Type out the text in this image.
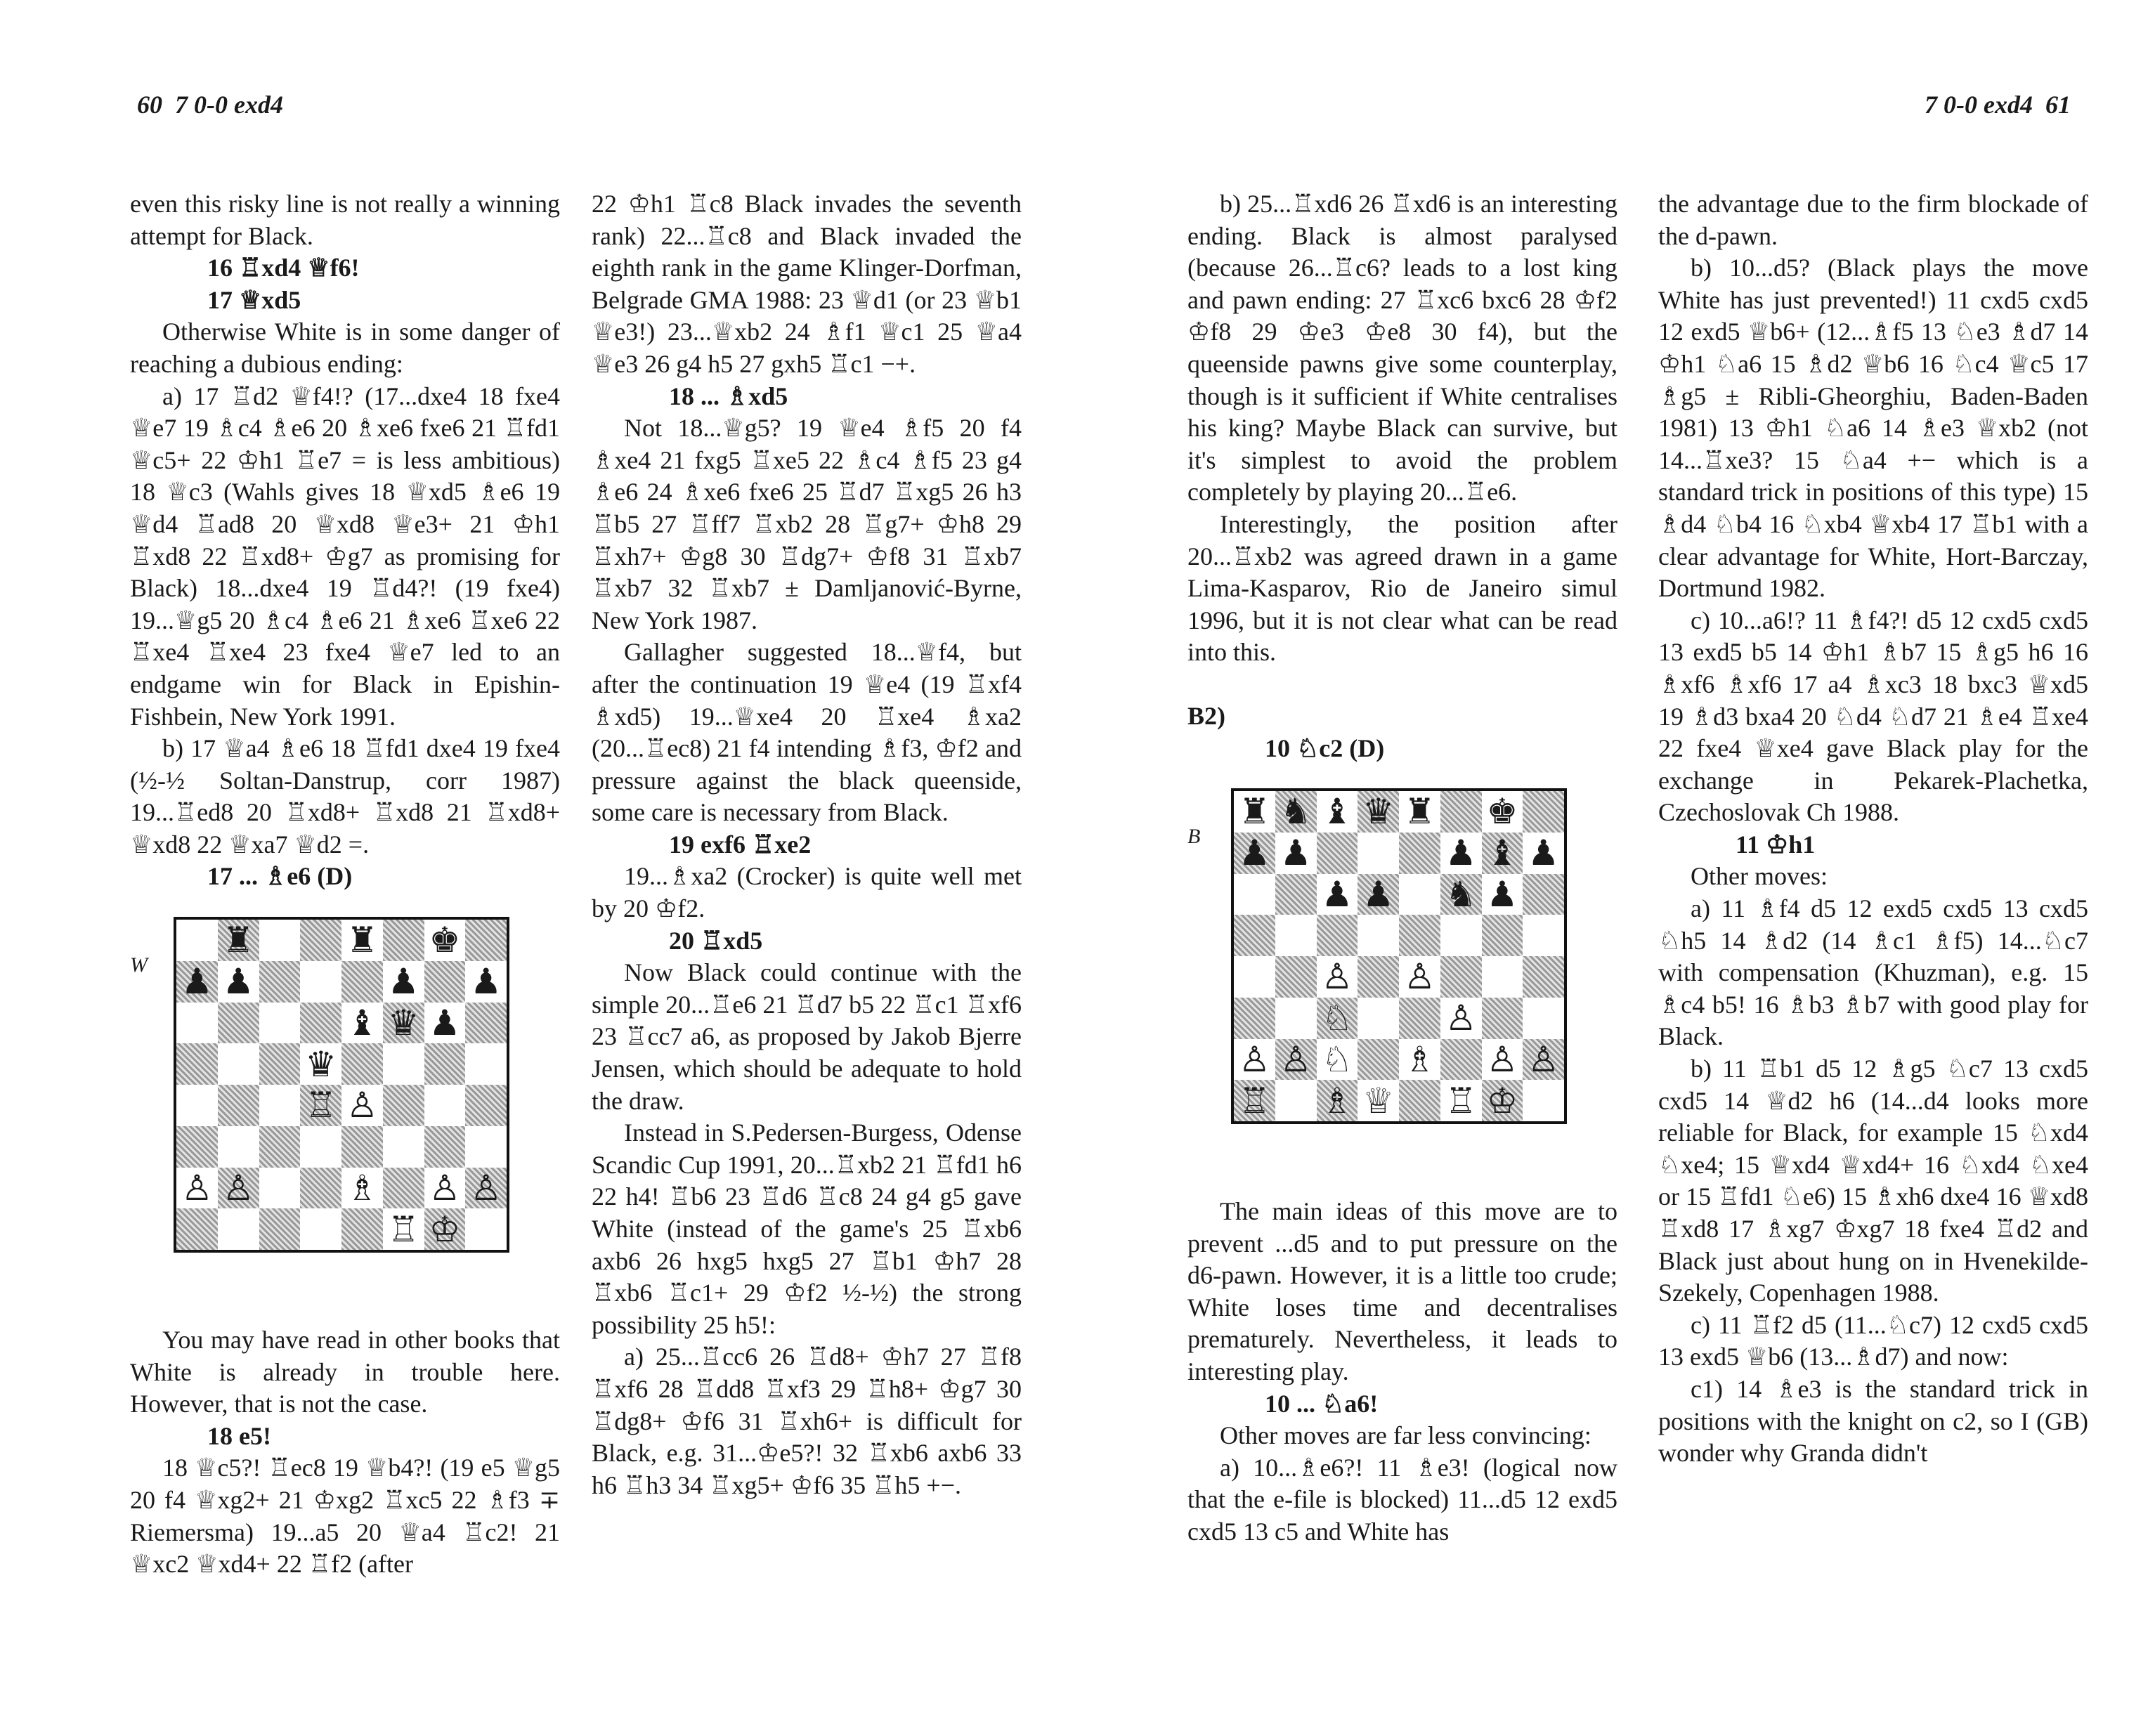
60 7 0-0 exd4	7 0-0 exd4 61

even this risky line is not really a winning attempt for Black.

16 ♖xd4 ♕f6!

17 ♕xd5

Otherwise White is in some danger of reaching a dubious ending:

a) 17 ♖d2 ♕f4!? (17...dxe4 18 fxe4 ♕e7 19 ♗c4 ♗e6 20 ♗xe6 fxe6 21 ♖fd1 ♕c5+ 22 ♔h1 ♖e7 = is less ambitious) 18 ♕c3 (Wahls gives 18 ♕xd5 ♗e6 19 ♕d4 ♖ad8 20 ♕xd8 ♕e3+ 21 ♔h1 ♖xd8 22 ♖xd8+ ♔g7 as promising for Black) 18...dxe4 19 ♖d4?! (19 fxe4) 19...♕g5 20 ♗c4 ♗e6 21 ♗xe6 ♖xe6 22 ♖xe4 ♖xe4 23 fxe4 ♕e7 led to an endgame win for Black in Epishin-Fishbein, New York 1991.

b) 17 ♕a4 ♗e6 18 ♖fd1 dxe4 19 fxe4 (½-½ Soltan-Danstrup, corr 1987) 19...♖ed8 20 ♖xd8+ ♖xd8 21 ♖xd8+ ♕xd8 22 ♕xa7 ♕d2 =.

17 ... ♗e6 (D)

W
♜	♜ ♚
♟ ♟	♟ ♟
♝ ♛ ♟
♛
♖ ♙
♙ ♙	♗ ♙ ♙
♖ ♔

You may have read in other books that White is already in trouble here. However, that is not the case.

18 e5!

18 ♕c5?! ♖ec8 19 ♕b4?! (19 e5 ♕g5 20 f4 ♕xg2+ 21 ♔xg2 ♖xc5 22 ♗f3 ∓ Riemersma) 19...a5 20 ♕a4 ♖c2! 21 ♕xc2 ♕xd4+ 22 ♖f2 (after

22 ♔h1 ♖c8 Black invades the seventh rank) 22...♖c8 and Black invaded the eighth rank in the game Klinger-Dorfman, Belgrade GMA 1988: 23 ♕d1 (or 23 ♕b1 ♕e3!) 23...♕xb2 24 ♗f1 ♕c1 25 ♕a4 ♕e3 26 g4 h5 27 gxh5 ♖c1 −+.

18 ... ♗xd5

Not 18...♕g5? 19 ♕e4 ♗f5 20 f4 ♗xe4 21 fxg5 ♖xe5 22 ♗c4 ♗f5 23 g4 ♗e6 24 ♗xe6 fxe6 25 ♖d7 ♖xg5 26 h3 ♖b5 27 ♖ff7 ♖xb2 28 ♖g7+ ♔h8 29 ♖xh7+ ♔g8 30 ♖dg7+ ♔f8 31 ♖xb7 ♖xb7 32 ♖xb7 ± Damljanović-Byrne, New York 1987.

Gallagher suggested 18...♕f4, but after the continuation 19 ♕e4 (19 ♖xf4 ♗xd5) 19...♕xe4 20 ♖xe4 ♗xa2 (20...♖ec8) 21 f4 intending ♗f3, ♔f2 and pressure against the black queenside, some care is necessary from Black.

19 exf6 ♖xe2

19...♗xa2 (Crocker) is quite well met by 20 ♔f2.

20 ♖xd5

Now Black could continue with the simple 20...♖e6 21 ♖d7 b5 22 ♖c1 ♖xf6 23 ♖cc7 a6, as proposed by Jakob Bjerre Jensen, which should be adequate to hold the draw.

Instead in S.Pedersen-Burgess, Odense Scandic Cup 1991, 20...♖xb2 21 ♖fd1 h6 22 h4! ♖b6 23 ♖d6 ♖c8 24 g4 g5 gave White (instead of the game's 25 ♖xb6 axb6 26 hxg5 hxg5 27 ♖b1 ♔h7 28 ♖xb6 ♖c1+ 29 ♔f2 ½-½) the strong possibility 25 h5!:

a) 25...♖cc6 26 ♖d8+ ♔h7 27 ♖f8 ♖xf6 28 ♖dd8 ♖xf3 29 ♖h8+ ♔g7 30 ♖dg8+ ♔f6 31 ♖xh6+ is difficult for Black, e.g. 31...♔e5?! 32 ♖xb6 axb6 33 h6 ♖h3 34 ♖xg5+ ♔f6 35 ♖h5 +−.

b) 25...♖xd6 26 ♖xd6 is an interesting ending. Black is almost paralysed (because 26...♖c6? leads to a lost king and pawn ending: 27 ♖xc6 bxc6 28 ♔f2 ♔f8 29 ♔e3 ♔e8 30 f4), but the queenside pawns give some counterplay, though is it sufficient if White centralises his king? Maybe Black can survive, but it's simplest to avoid the problem completely by playing 20...♖e6.

Interestingly, the position after 20...♖xb2 was agreed drawn in a game Lima-Kasparov, Rio de Janeiro simul 1996, but it is not clear what can be read into this.

B2)

10 ♘c2 (D)

B
♜ ♞ ♝ ♛ ♜ ♚
♟ ♟	♟ ♝ ♟
♟ ♟ ♞ ♟
♙ ♙
♘	♙
♙ ♙ ♘ ♗ ♙ ♙
♖ ♗ ♕ ♖ ♔

The main ideas of this move are to prevent ...d5 and to put pressure on the d6-pawn. However, it is a little too crude; White loses time and decentralises prematurely. Nevertheless, it leads to interesting play.

10 ... ♘a6!

Other moves are far less convincing:

a) 10...♗e6?! 11 ♗e3! (logical now that the e-file is blocked) 11...d5 12 exd5 cxd5 13 c5 and White has

the advantage due to the firm blockade of the d-pawn.

b) 10...d5? (Black plays the move White has just prevented!) 11 cxd5 cxd5 12 exd5 ♕b6+ (12...♗f5 13 ♘e3 ♗d7 14 ♔h1 ♘a6 15 ♗d2 ♕b6 16 ♘c4 ♕c5 17 ♗g5 ± Ribli-Gheorghiu, Baden-Baden 1981) 13 ♔h1 ♘a6 14 ♗e3 ♕xb2 (not 14...♖xe3? 15 ♘a4 +− which is a standard trick in positions of this type) 15 ♗d4 ♘b4 16 ♘xb4 ♕xb4 17 ♖b1 with a clear advantage for White, Hort-Barczay, Dortmund 1982.

c) 10...a6!? 11 ♗f4?! d5 12 cxd5 cxd5 13 exd5 b5 14 ♔h1 ♗b7 15 ♗g5 h6 16 ♗xf6 ♗xf6 17 a4 ♗xc3 18 bxc3 ♕xd5 19 ♗d3 bxa4 20 ♘d4 ♘d7 21 ♗e4 ♖xe4 22 fxe4 ♕xe4 gave Black play for the exchange in Pekarek-Plachetka, Czechoslovak Ch 1988.

11 ♔h1

Other moves:

a) 11 ♗f4 d5 12 exd5 cxd5 13 cxd5 ♘h5 14 ♗d2 (14 ♗c1 ♗f5) 14...♘c7 with compensation (Khuzman), e.g. 15 ♗c4 b5! 16 ♗b3 ♗b7 with good play for Black.

b) 11 ♖b1 d5 12 ♗g5 ♘c7 13 cxd5 cxd5 14 ♕d2 h6 (14...d4 looks more reliable for Black, for example 15 ♘xd4 ♘xe4; 15 ♕xd4 ♕xd4+ 16 ♘xd4 ♘xe4 or 15 ♖fd1 ♘e6) 15 ♗xh6 dxe4 16 ♕xd8 ♖xd8 17 ♗xg7 ♔xg7 18 fxe4 ♖d2 and Black just about hung on in Hvenekilde-Szekely, Copenhagen 1988.

c) 11 ♖f2 d5 (11...♘c7) 12 cxd5 cxd5 13 exd5 ♕b6 (13...♗d7) and now:

c1) 14 ♗e3 is the standard trick in positions with the knight on c2, so I (GB) wonder why Granda didn't
